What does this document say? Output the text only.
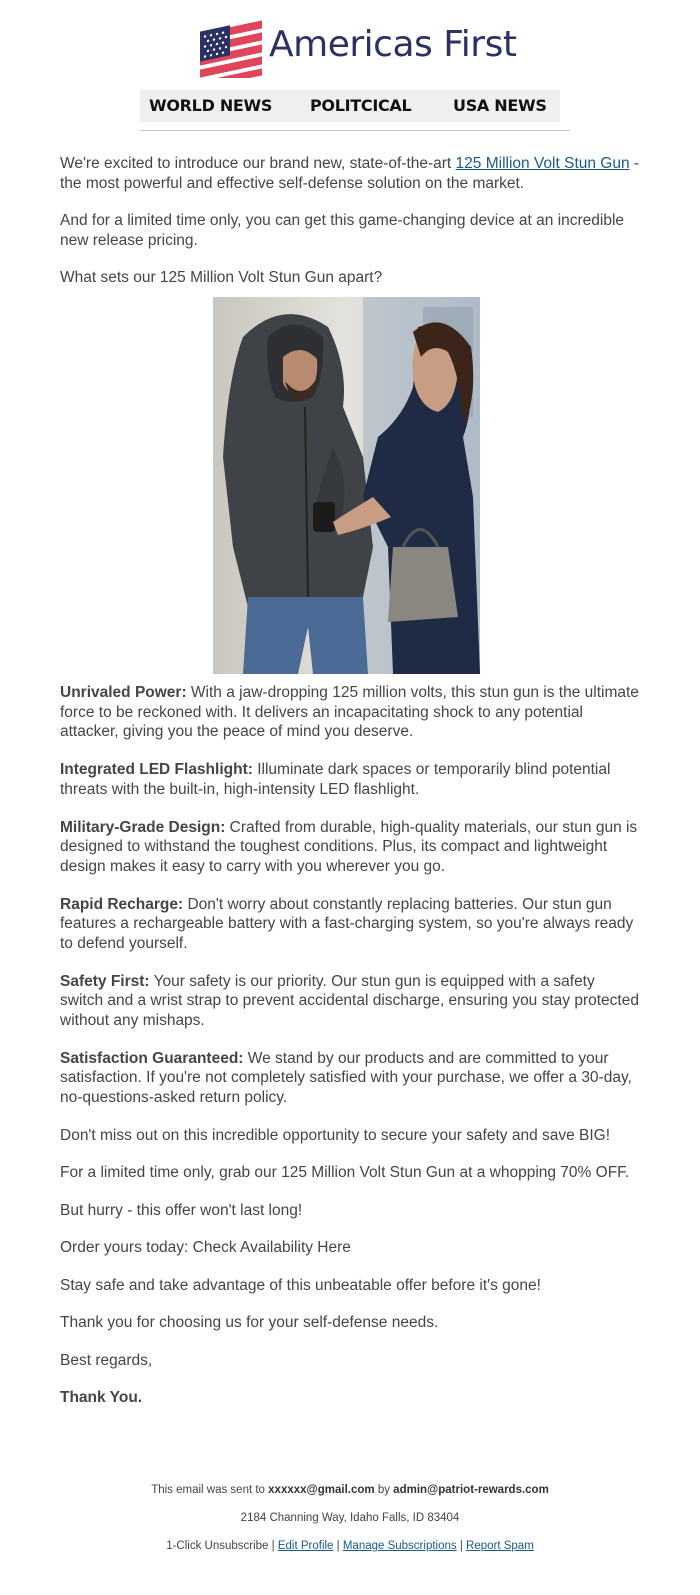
Americas First
WORLD NEWS POLITCICAL	USA NEWS

We're excited to introduce our brand new, state-of-the-art 125 Million Volt Stun Gun - the most powerful and effective self-defense solution on the market.

And for a limited time only, you can get this game-changing device at an incredible new release pricing.

What sets our 125 Million Volt Stun Gun apart?

Unrivaled Power: With a jaw-dropping 125 million volts, this stun gun is the ultimate force to be reckoned with. It delivers an incapacitating shock to any potential attacker, giving you the peace of mind you deserve.

Integrated LED Flashlight: Illuminate dark spaces or temporarily blind potential threats with the built-in, high-intensity LED flashlight.

Military-Grade Design: Crafted from durable, high-quality materials, our stun gun is designed to withstand the toughest conditions. Plus, its compact and lightweight design makes it easy to carry with you wherever you go.

Rapid Recharge: Don't worry about constantly replacing batteries. Our stun gun features a rechargeable battery with a fast-charging system, so you're always ready to defend yourself.

Safety First: Your safety is our priority. Our stun gun is equipped with a safety switch and a wrist strap to prevent accidental discharge, ensuring you stay protected without any mishaps.

Satisfaction Guaranteed: We stand by our products and are committed to your satisfaction. If you're not completely satisfied with your purchase, we offer a 30-day, no-questions-asked return policy.

Don't miss out on this incredible opportunity to secure your safety and save BIG!

For a limited time only, grab our 125 Million Volt Stun Gun at a whopping 70% OFF.

But hurry - this offer won't last long!

Order yours today: Check Availability Here

Stay safe and take advantage of this unbeatable offer before it's gone!

Thank you for choosing us for your self-defense needs.

Best regards,

Thank You.

This email was sent to xxxxxx@gmail.com by admin@patriot-rewards.com
2184 Channing Way, Idaho Falls, ID 83404
1-Click Unsubscribe | Edit Profile | Manage Subscriptions | Report Spam
